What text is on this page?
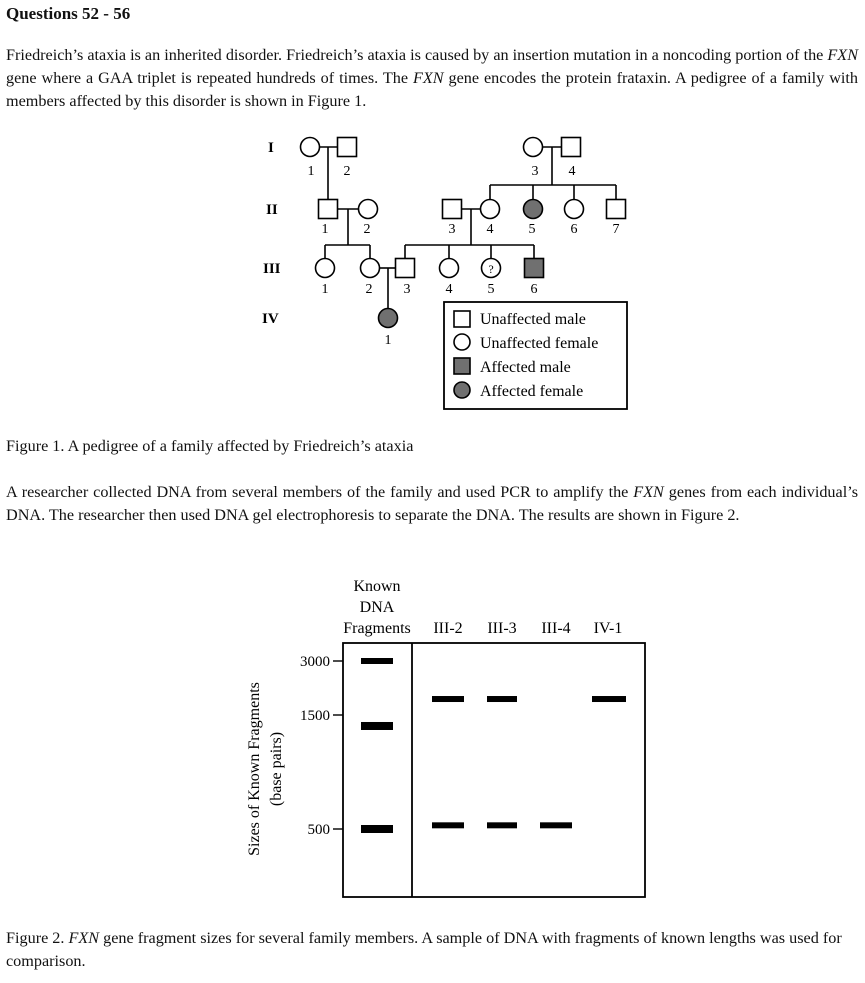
Questions 52 - 56

Friedreich’s ataxia is an inherited disorder. Friedreich’s ataxia is caused by an insertion mutation in a noncoding portion of the FXN gene where a GAA triplet is repeated hundreds of times. The FXN gene encodes the protein frataxin. A pedigree of a family with members affected by this disorder is shown in Figure 1.

I
II
III
IV
1 2	3 4
1	2	3 4	5	6	7
1	2 3	4	5	6
?
1
Unaffected male
Unaffected female
Affected male
Affected female

Figure 1. A pedigree of a family affected by Friedreich’s ataxia

A researcher collected DNA from several members of the family and used PCR to amplify the FXN genes from each individual’s DNA. The researcher then used DNA gel electrophoresis to separate the DNA. The results are shown in Figure 2.

Known
DNA
Fragments III-2 III-3 III-4 IV-1
Sizes of Known Fragments (base pairs)
3000
1500
500

Figure 2. FXN gene fragment sizes for several family members. A sample of DNA with fragments of known lengths was used for comparison.
